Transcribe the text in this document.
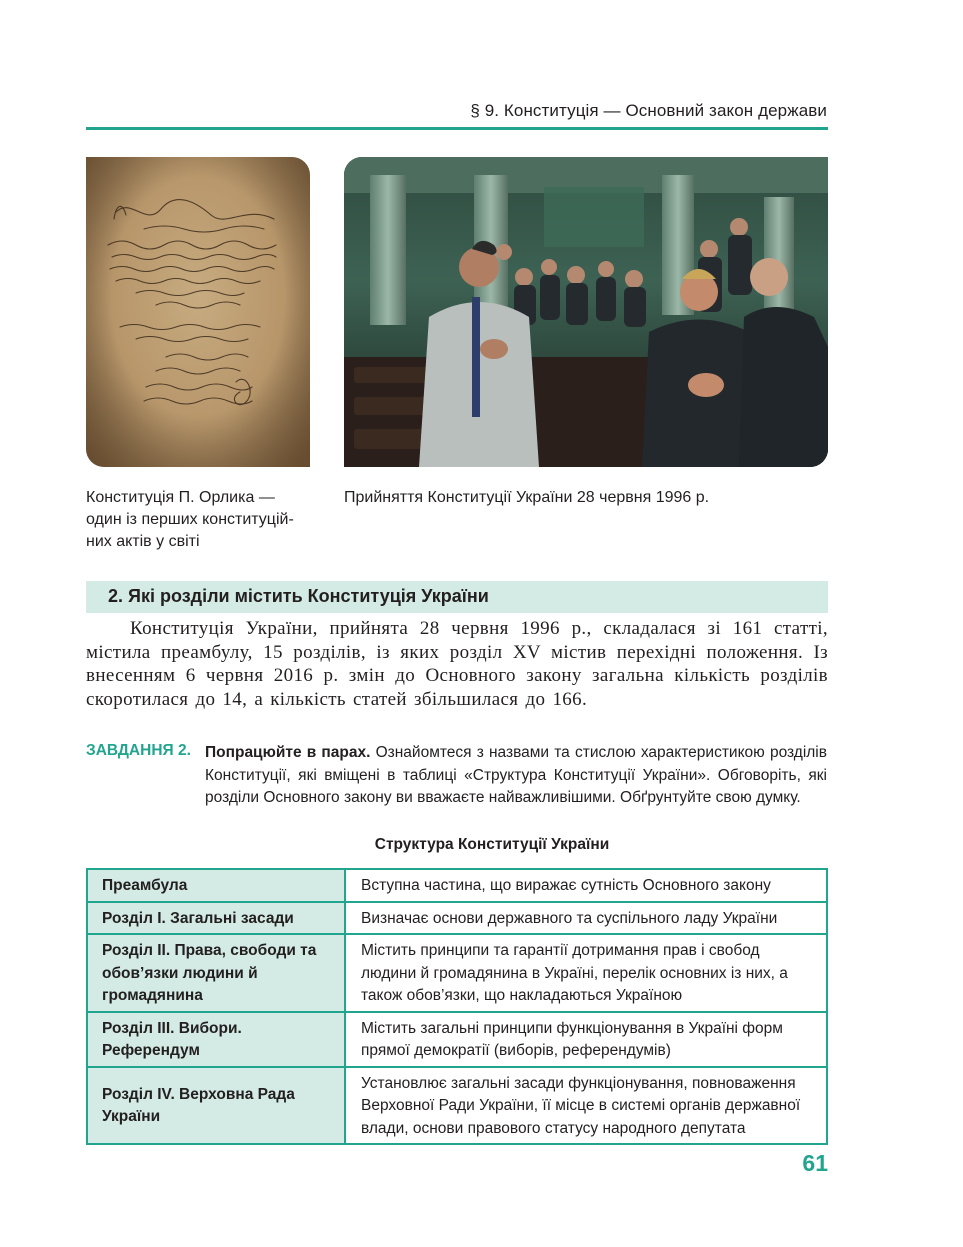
§ 9. Конституція — Основний закон держави
Конституція П. Орлика —
один із перших конституцій-
них актів у світі
Прийняття Конституції України 28 червня 1996 р.
2. Які розділи містить Конституція України
Конституція України, прийнята 28 червня 1996 р., складалася зі 161 статті, містила преамбулу, 15 розділів, із яких розділ XV містив перехідні положення. Із внесенням 6 червня 2016 р. змін до Основного закону загальна кількість розділів скоротилася до 14, а кількість статей збільшилася до 166.
ЗАВДАННЯ 2. Попрацюйте в парах. Ознайомтеся з назвами та стислою характеристикою розділів Конституції, які вміщені в таблиці «Структура Конституції України». Обговоріть, які розділи Основного закону ви вважаєте найважливішими. Обґрунтуйте свою думку.
Структура Конституції України
Преамбула	Вступна частина, що виражає сутність Основного закону
Розділ I. Загальні засади	Визначає основи державного та суспільного ладу України
Розділ II. Права, свободи та обов’язки людини й громадянина	Містить принципи та гарантії дотримання прав і свобод людини й громадянина в Україні, перелік основних із них, а також обов’язки, що накладаються Україною
Розділ III. Вибори. Референдум	Містить загальні принципи функціонування в Україні форм прямої демократії (виборів, референдумів)
Розділ IV. Верховна Рада України	Установлює загальні засади функціонування, повноваження Верховної Ради України, її місце в системі органів державної влади, основи правового статусу народного депутата
61
